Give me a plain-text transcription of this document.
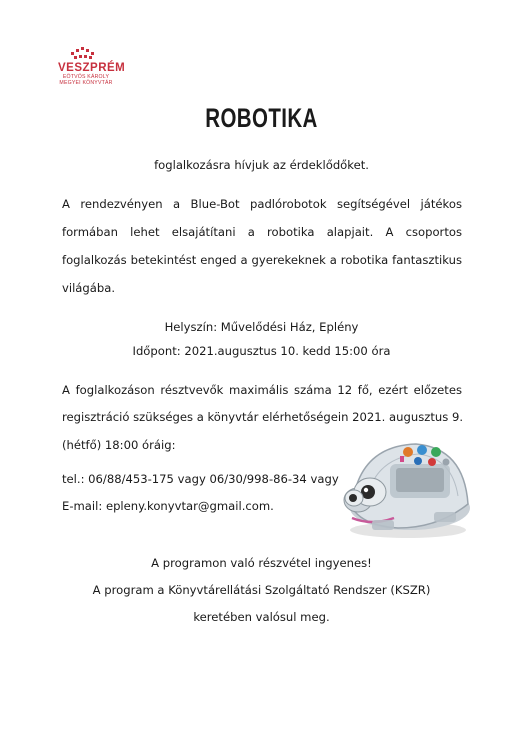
VESZPRÉM
EÖTVÖS KÁROLY
MEGYEI KÖNYVTÁR
ROBOTIKA
foglalkozásra hívjuk az érdeklődőket.
A rendezvényen a Blue-Bot padlórobotok segítségével játékos
formában lehet elsajátítani a robotika alapjait. A csoportos
foglalkozás betekintést enged a gyerekeknek a robotika fantasztikus
világába.
Helyszín: Művelődési Ház, Eplény
Időpont: 2021.augusztus 10. kedd 15:00 óra
A foglalkozáson résztvevők maximális száma 12 fő, ezért előzetes
regisztráció szükséges a könyvtár elérhetőségein 2021. augusztus 9.
(hétfő) 18:00 óráig:
tel.: 06/88/453-175 vagy 06/30/998-86-34 vagy
E-mail: epleny.konyvtar@gmail.com.
A programon való részvétel ingyenes!
A program a Könyvtárellátási Szolgáltató Rendszer (KSZR)
keretében valósul meg.
